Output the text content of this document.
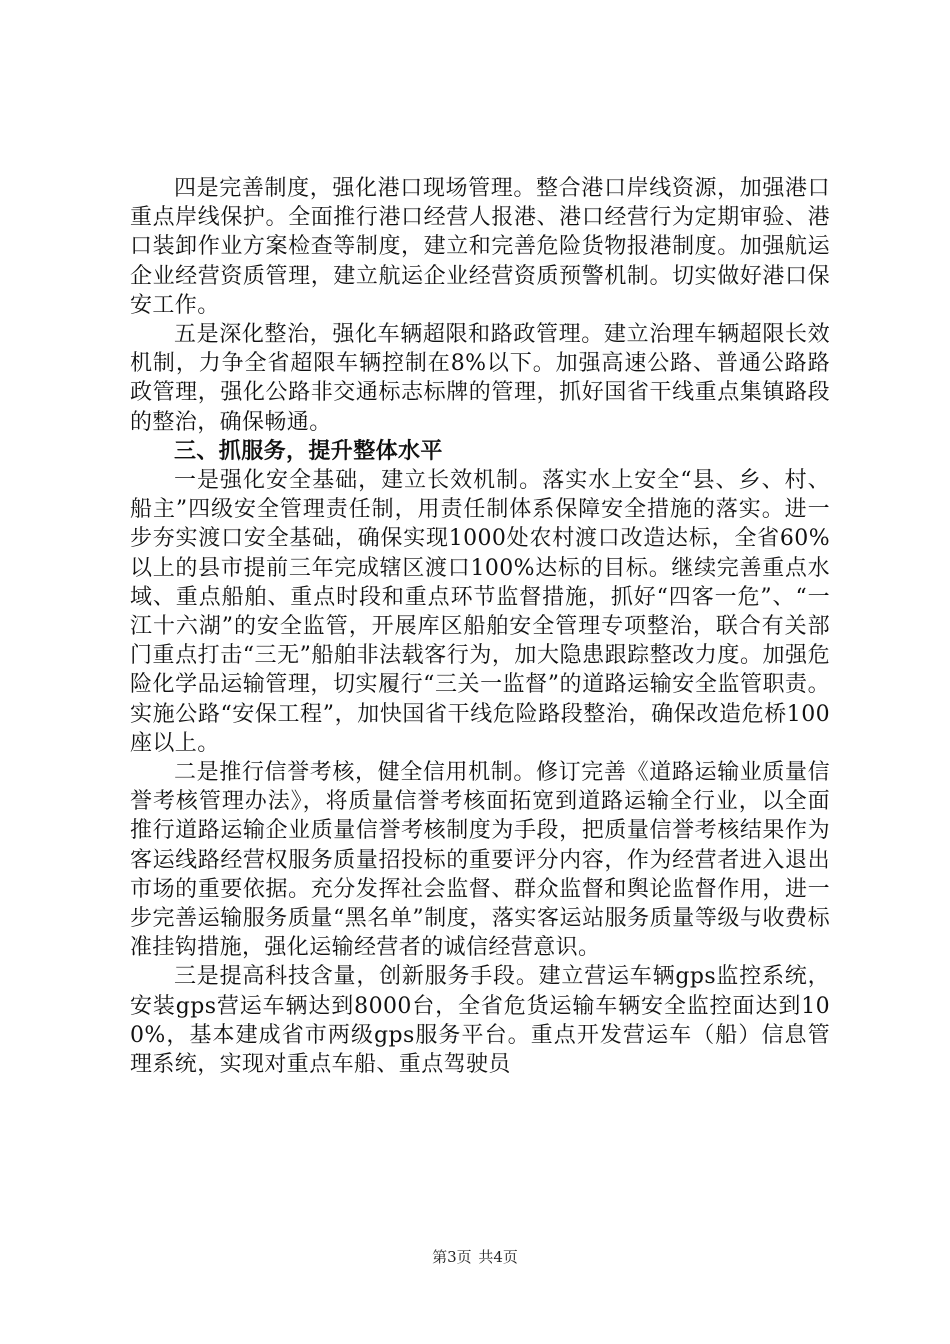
四是完善制度，强化港口现场管理。整合港口岸线资源，加强港口重点岸线保护。全面推行港口经营人报港、港口经营行为定期审验、港口装卸作业方案检查等制度，建立和完善危险货物报港制度。加强航运企业经营资质管理，建立航运企业经营资质预警机制。切实做好港口保安工作。

五是深化整治，强化车辆超限和路政管理。建立治理车辆超限长效机制，力争全省超限车辆控制在8%以下。加强高速公路、普通公路路政管理，强化公路非交通标志标牌的管理，抓好国省干线重点集镇路段的整治，确保畅通。

三、抓服务，提升整体水平

一是强化安全基础，建立长效机制。落实水上安全“县、乡、村、船主”四级安全管理责任制，用责任制体系保障安全措施的落实。进一步夯实渡口安全基础，确保实现1000处农村渡口改造达标，全省60%以上的县市提前三年完成辖区渡口100%达标的目标。继续完善重点水域、重点船舶、重点时段和重点环节监督措施，抓好“四客一危”、“一江十六湖”的安全监管，开展库区船舶安全管理专项整治，联合有关部门重点打击“三无”船舶非法载客行为，加大隐患跟踪整改力度。加强危险化学品运输管理，切实履行“三关一监督”的道路运输安全监管职责。实施公路“安保工程”，加快国省干线危险路段整治，确保改造危桥100座以上。

二是推行信誉考核，健全信用机制。修订完善《道路运输业质量信誉考核管理办法》，将质量信誉考核面拓宽到道路运输全行业，以全面推行道路运输企业质量信誉考核制度为手段，把质量信誉考核结果作为客运线路经营权服务质量招投标的重要评分内容，作为经营者进入退出市场的重要依据。充分发挥社会监督、群众监督和舆论监督作用，进一步完善运输服务质量“黑名单”制度，落实客运站服务质量等级与收费标准挂钩措施，强化运输经营者的诚信经营意识。

三是提高科技含量，创新服务手段。建立营运车辆gps监控系统，安装gps营运车辆达到8000台，全省危货运输车辆安全监控面达到100%，基本建成省市两级gps服务平台。重点开发营运车（船）信息管理系统，实现对重点车船、重点驾驶员

第3页 共4页
